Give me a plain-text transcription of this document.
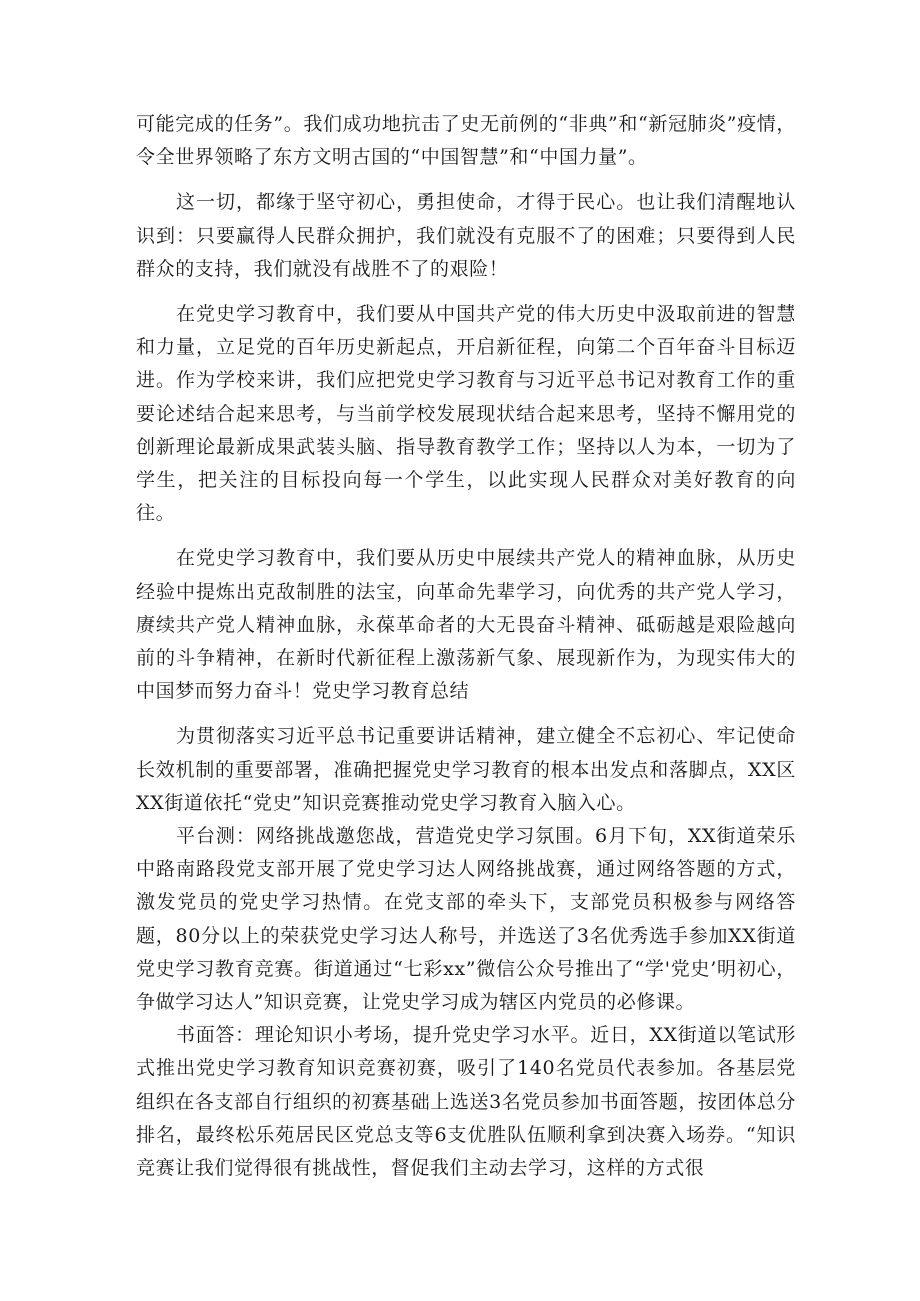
可能完成的任务”。我们成功地抗击了史无前例的“非典”和“新冠肺炎”疫情，令全世界领略了东方文明古国的“中国智慧”和“中国力量”。

这一切，都缘于坚守初心，勇担使命，才得于民心。也让我们清醒地认识到：只要赢得人民群众拥护，我们就没有克服不了的困难；只要得到人民群众的支持，我们就没有战胜不了的艰险！

在党史学习教育中，我们要从中国共产党的伟大历史中汲取前进的智慧和力量，立足党的百年历史新起点，开启新征程，向第二个百年奋斗目标迈进。作为学校来讲，我们应把党史学习教育与习近平总书记对教育工作的重要论述结合起来思考，与当前学校发展现状结合起来思考，坚持不懈用党的创新理论最新成果武装头脑、指导教育教学工作；坚持以人为本，一切为了学生，把关注的目标投向每一个学生，以此实现人民群众对美好教育的向往。

在党史学习教育中，我们要从历史中展续共产党人的精神血脉，从历史经验中提炼出克敌制胜的法宝，向革命先辈学习，向优秀的共产党人学习，赓续共产党人精神血脉，永葆革命者的大无畏奋斗精神、砥砺越是艰险越向前的斗争精神，在新时代新征程上激荡新气象、展现新作为，为现实伟大的中国梦而努力奋斗！党史学习教育总结

为贯彻落实习近平总书记重要讲话精神，建立健全不忘初心、牢记使命长效机制的重要部署，准确把握党史学习教育的根本出发点和落脚点，XX区XX街道依托“党史”知识竞赛推动党史学习教育入脑入心。

平台测：网络挑战邀您战，营造党史学习氛围。6月下旬，XX街道荣乐中路南路段党支部开展了党史学习达人网络挑战赛，通过网络答题的方式，激发党员的党史学习热情。在党支部的牵头下，支部党员积极参与网络答题，80分以上的荣获党史学习达人称号，并选送了3名优秀选手参加XX街道党史学习教育竞赛。街道通过“七彩xx”微信公众号推出了“学'党史’明初心，争做学习达人”知识竞赛，让党史学习成为辖区内党员的必修课。

书面答：理论知识小考场，提升党史学习水平。近日，XX街道以笔试形式推出党史学习教育知识竞赛初赛，吸引了140名党员代表参加。各基层党组织在各支部自行组织的初赛基础上选送3名党员参加书面答题，按团体总分排名，最终松乐苑居民区党总支等6支优胜队伍顺利拿到决赛入场券。“知识竞赛让我们觉得很有挑战性，督促我们主动去学习，这样的方式很
